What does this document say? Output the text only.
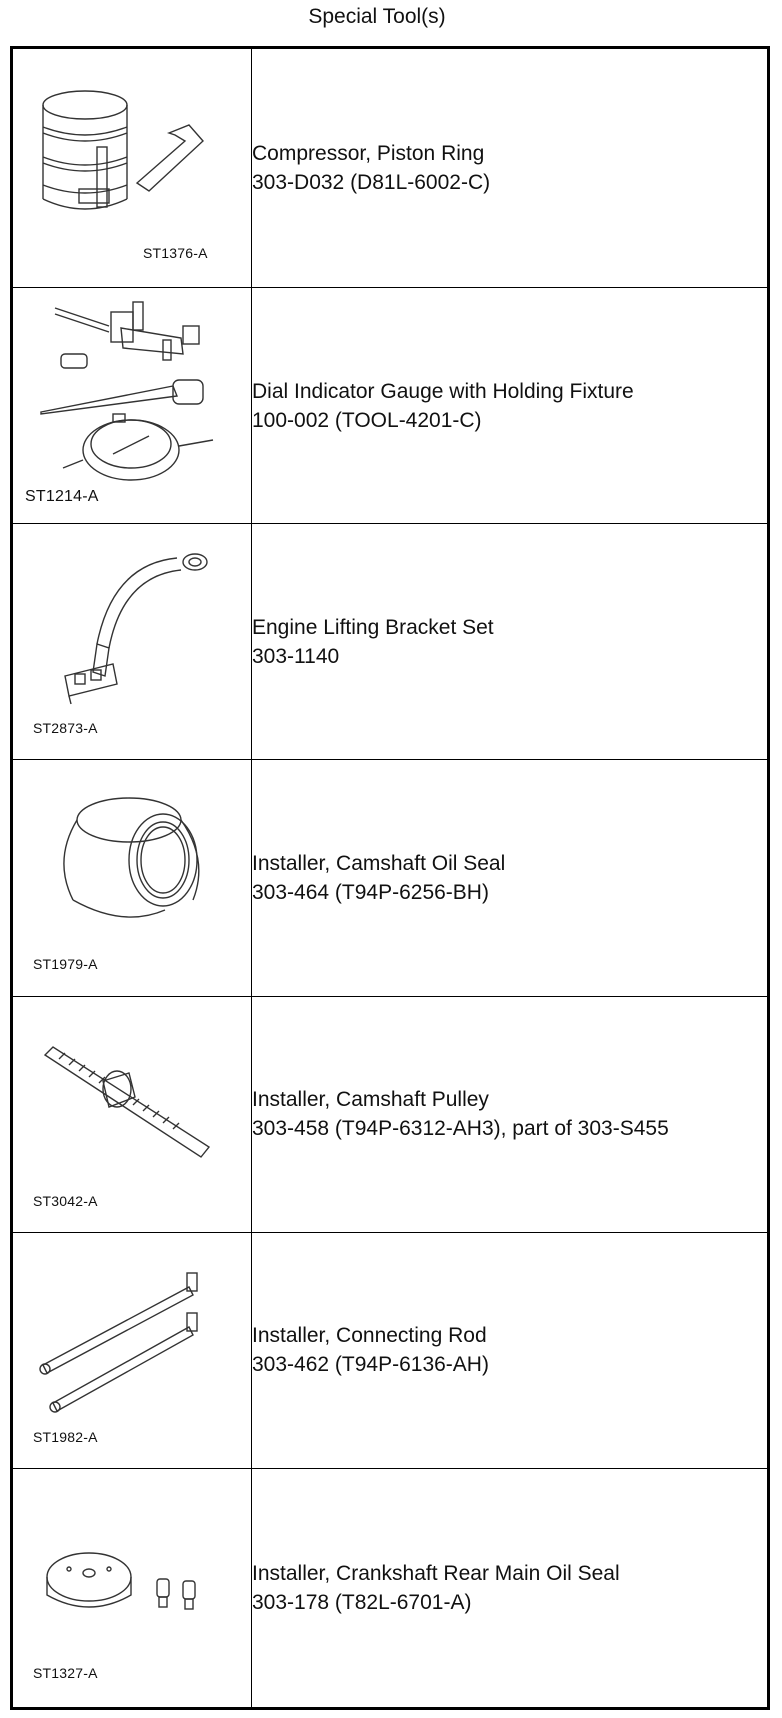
Special Tool(s)
ST1376-A	Compressor, Piston Ring
303-D032 (D81L-6002-C)

ST1214-A	Dial Indicator Gauge with Holding Fixture
100-002 (TOOL-4201-C)

ST2873-A	Engine Lifting Bracket Set
303-1140

ST1979-A	Installer, Camshaft Oil Seal
303-464 (T94P-6256-BH)

ST3042-A	Installer, Camshaft Pulley
303-458 (T94P-6312-AH3), part of 303-S455

ST1982-A	Installer, Connecting Rod
303-462 (T94P-6136-AH)

ST1327-A	Installer, Crankshaft Rear Main Oil Seal
303-178 (T82L-6701-A)
